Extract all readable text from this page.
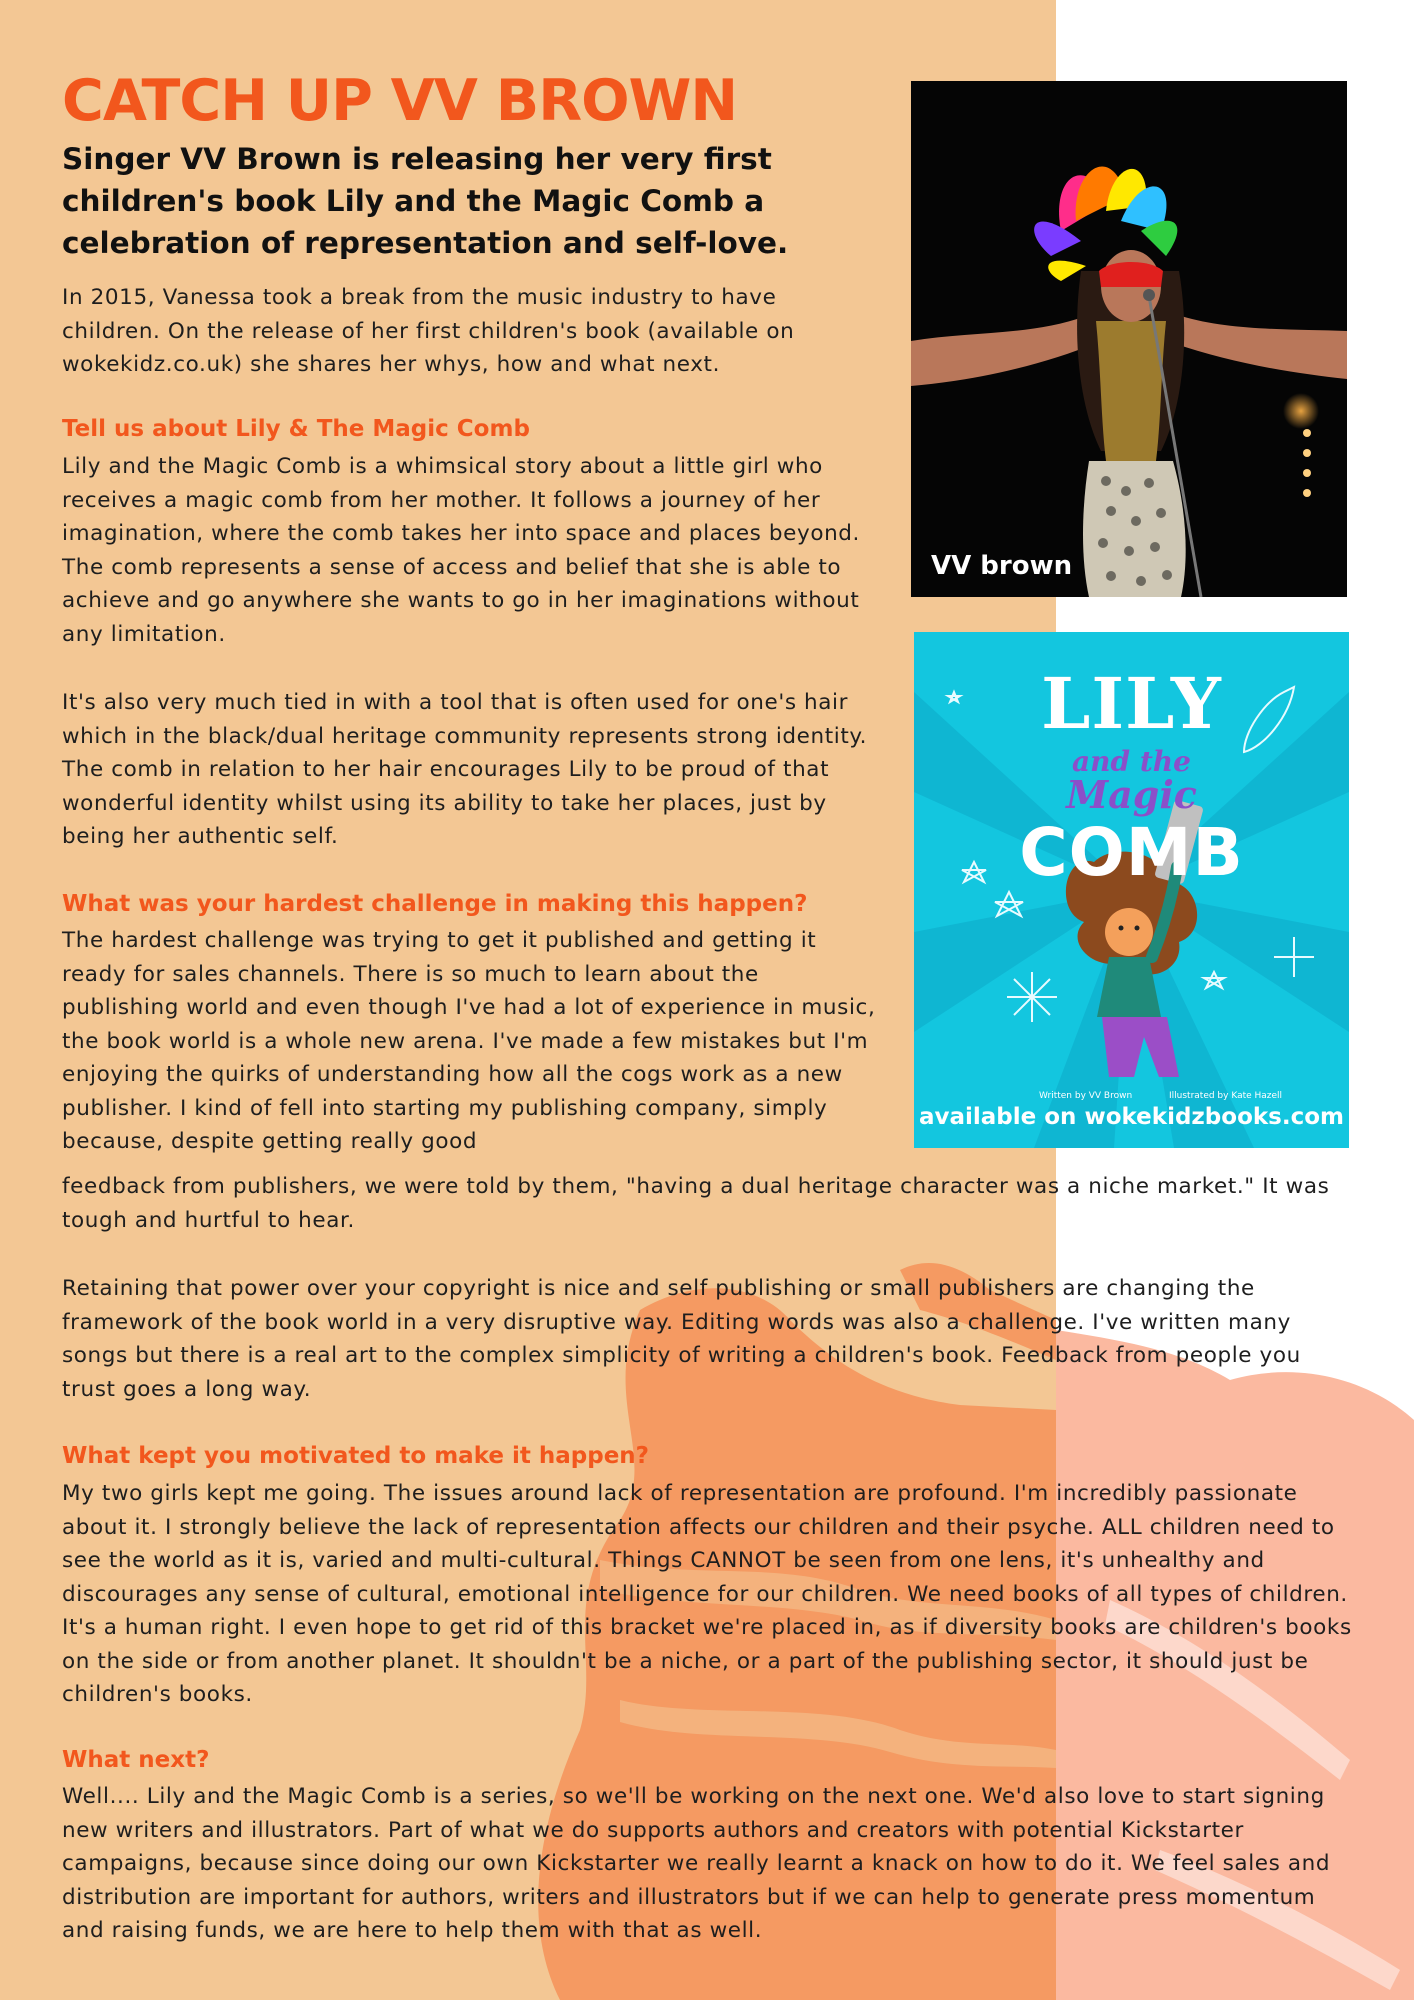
CATCH UP VV BROWN

Singer VV Brown is releasing her very first children's book Lily and the Magic Comb a celebration of representation and self-love.

In 2015, Vanessa took a break from the music industry to have children. On the release of her first children's book (available on wokekidz.co.uk) she shares her whys, how and what next.

Tell us about Lily & The Magic Comb

Lily and the Magic Comb is a whimsical story about a little girl who receives a magic comb from her mother. It follows a journey of her imagination, where the comb takes her into space and places beyond. The comb represents a sense of access and belief that she is able to achieve and go anywhere she wants to go in her imaginations without any limitation.

It's also very much tied in with a tool that is often used for one's hair which in the black/dual heritage community represents strong identity. The comb in relation to her hair encourages Lily to be proud of that wonderful identity whilst using its ability to take her places, just by being her authentic self.

What was your hardest challenge in making this happen?

The hardest challenge was trying to get it published and getting it ready for sales channels. There is so much to learn about the publishing world and even though I've had a lot of experience in music, the book world is a whole new arena. I've made a few mistakes but I'm enjoying the quirks of understanding how all the cogs work as a new publisher. I kind of fell into starting my publishing company, simply because, despite getting really good

feedback from publishers, we were told by them, "having a dual heritage character was a niche market." It was tough and hurtful to hear.

Retaining that power over your copyright is nice and self publishing or small publishers are changing the framework of the book world in a very disruptive way. Editing words was also a challenge. I've written many songs but there is a real art to the complex simplicity of writing a children's book. Feedback from people you trust goes a long way.

What kept you motivated to make it happen?

My two girls kept me going. The issues around lack of representation are profound. I'm incredibly passionate about it. I strongly believe the lack of representation affects our children and their psyche. ALL children need to see the world as it is, varied and multi-cultural. Things CANNOT be seen from one lens, it's unhealthy and discourages any sense of cultural, emotional intelligence for our children. We need books of all types of children. It's a human right. I even hope to get rid of this bracket we're placed in, as if diversity books are children's books on the side or from another planet. It shouldn't be a niche, or a part of the publishing sector, it should just be children's books.

What next?

Well.... Lily and the Magic Comb is a series, so we'll be working on the next one. We'd also love to start signing new writers and illustrators. Part of what we do supports authors and creators with potential Kickstarter campaigns, because since doing our own Kickstarter we really learnt a knack on how to do it. We feel sales and distribution are important for authors, writers and illustrators but if we can help to generate press momentum and raising funds, we are here to help them with that as well.

VV brown
LILY
and the
Magic
COMB
Written by VV Brown	Illustrated by Kate Hazell
available on wokekidzbooks.com
